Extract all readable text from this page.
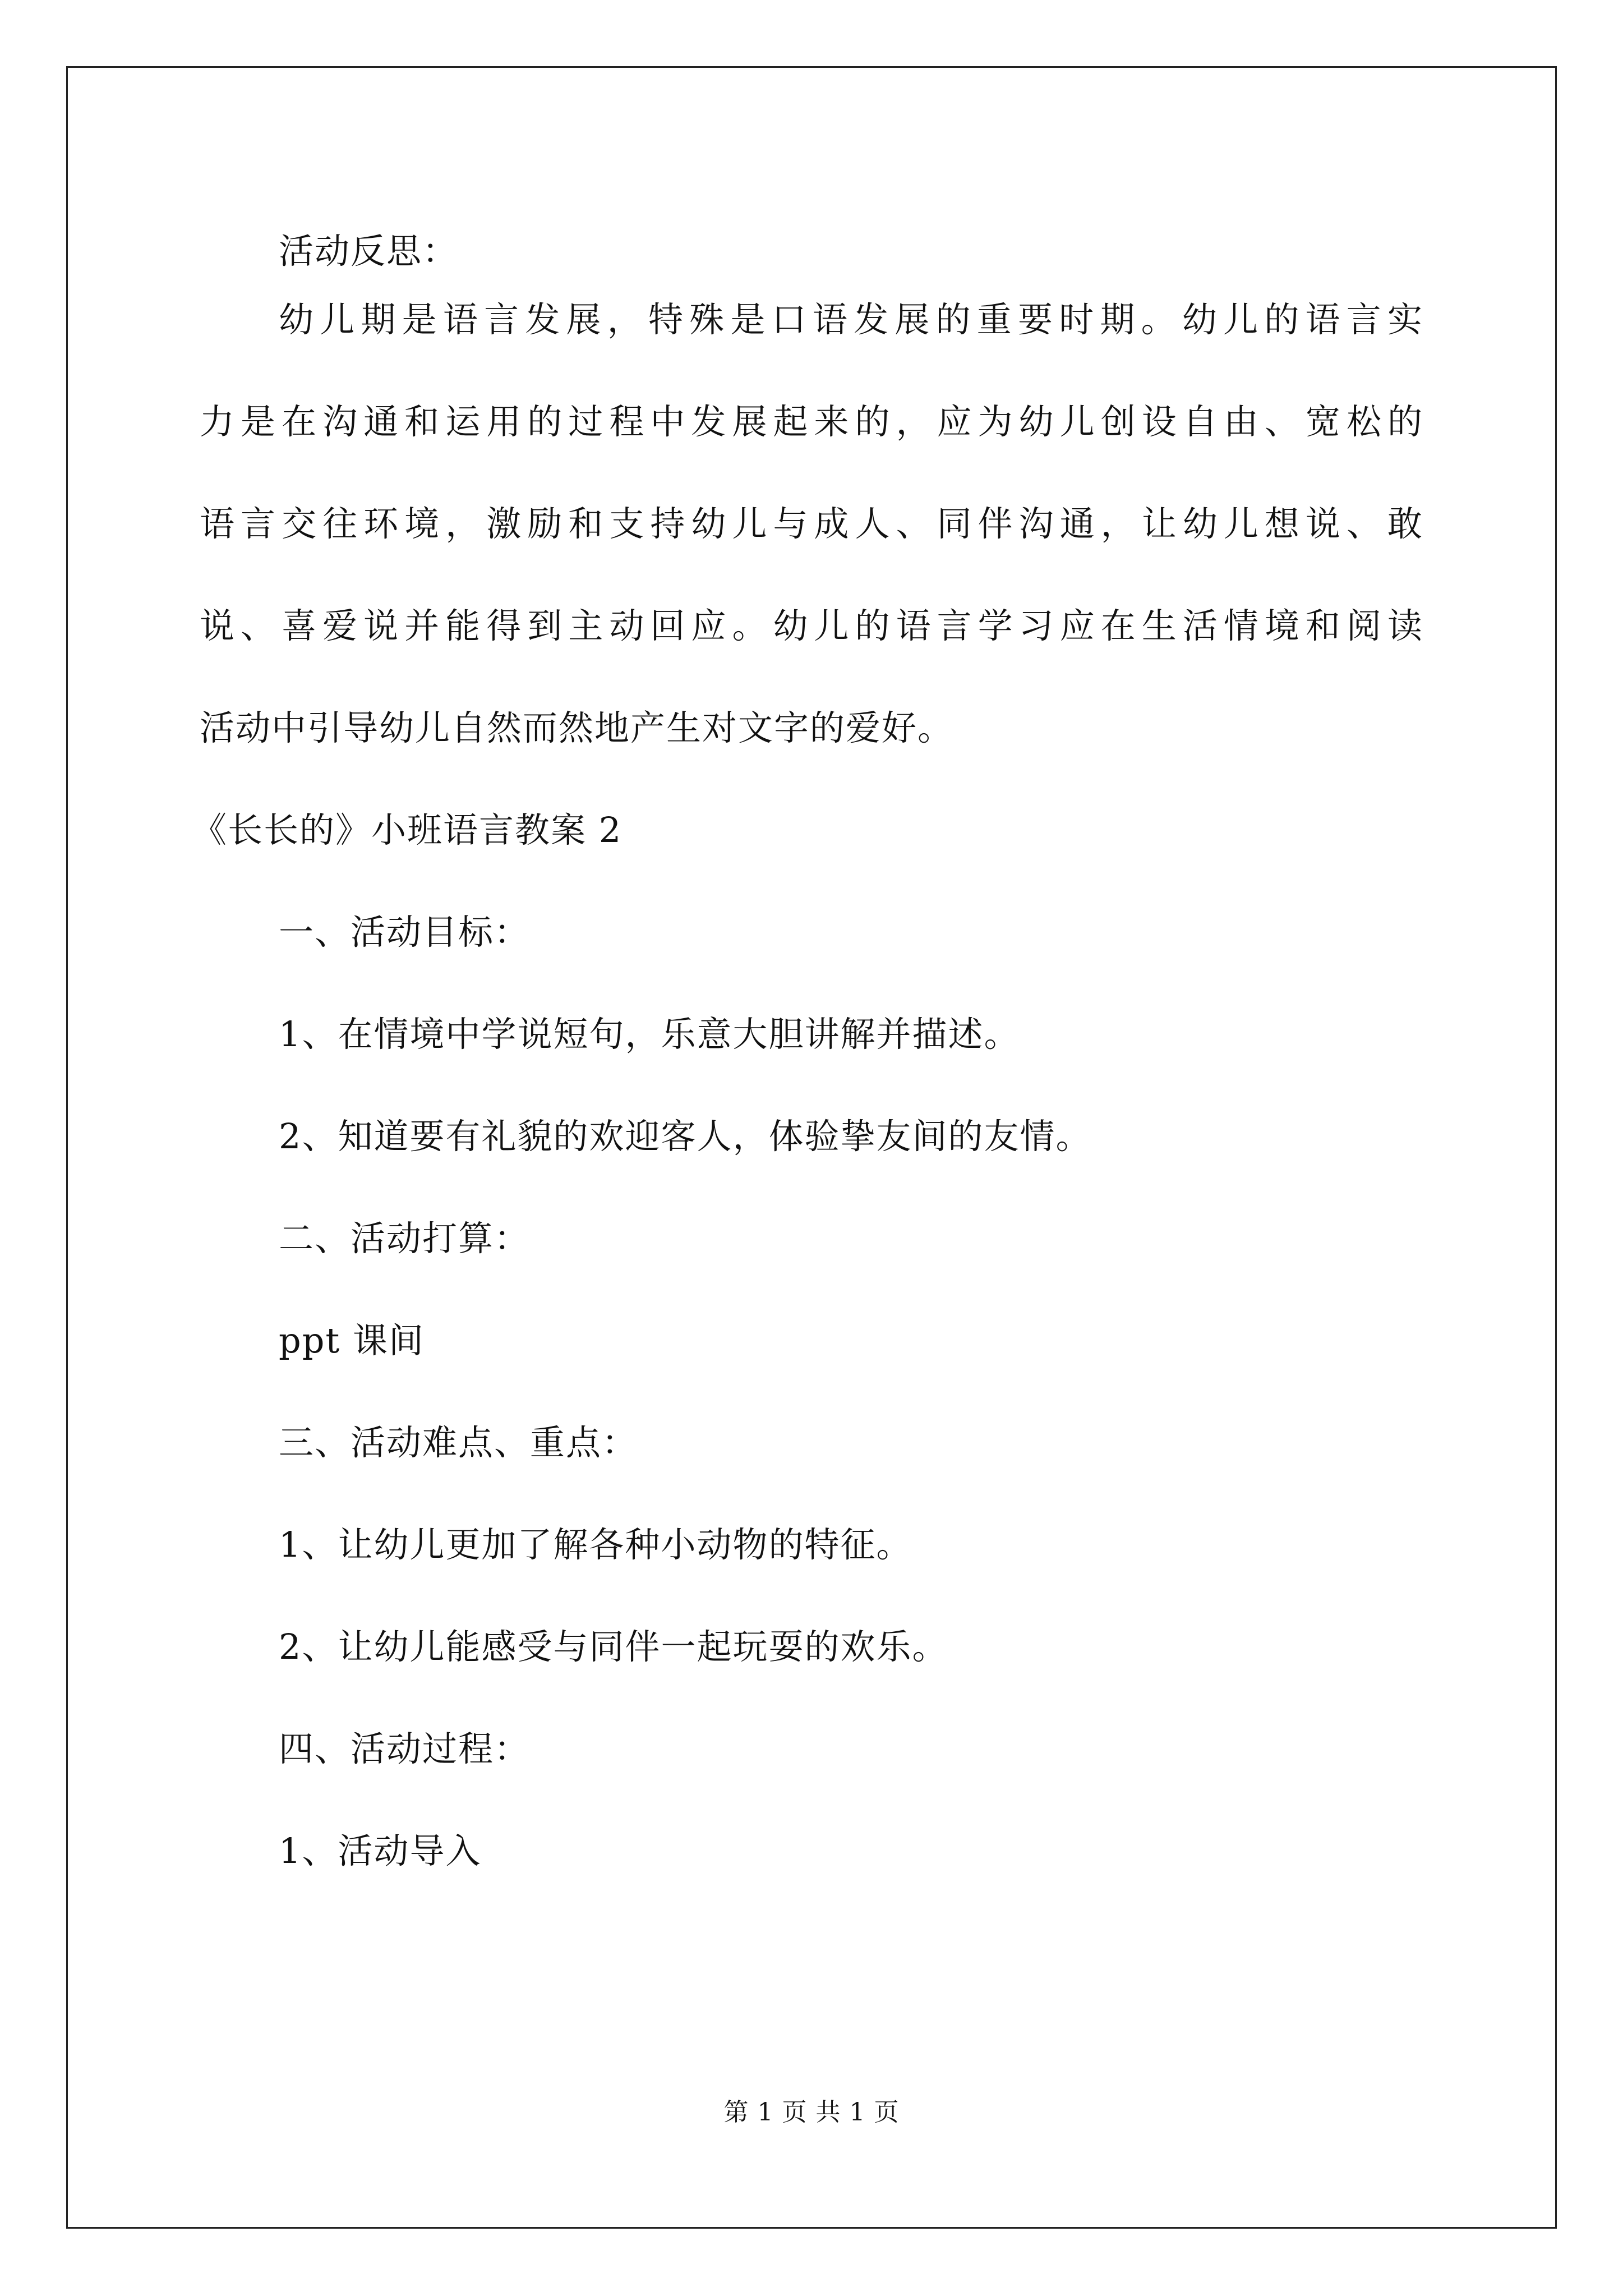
活动反思：
幼儿期是语言发展，特殊是口语发展的重要时期。幼儿的语言实
力是在沟通和运用的过程中发展起来的，应为幼儿创设自由、宽松的
语言交往环境，激励和支持幼儿与成人、同伴沟通，让幼儿想说、敢
说、喜爱说并能得到主动回应。幼儿的语言学习应在生活情境和阅读
活动中引导幼儿自然而然地产生对文字的爱好。
《长长的》小班语言教案 2
一、活动目标：
1、在情境中学说短句，乐意大胆讲解并描述。
2、知道要有礼貌的欢迎客人，体验挚友间的友情。
二、活动打算：
ppt 课间
三、活动难点、重点：
1、让幼儿更加了解各种小动物的特征。
2、让幼儿能感受与同伴一起玩耍的欢乐。
四、活动过程：
1、活动导入
第 1 页 共 1 页
